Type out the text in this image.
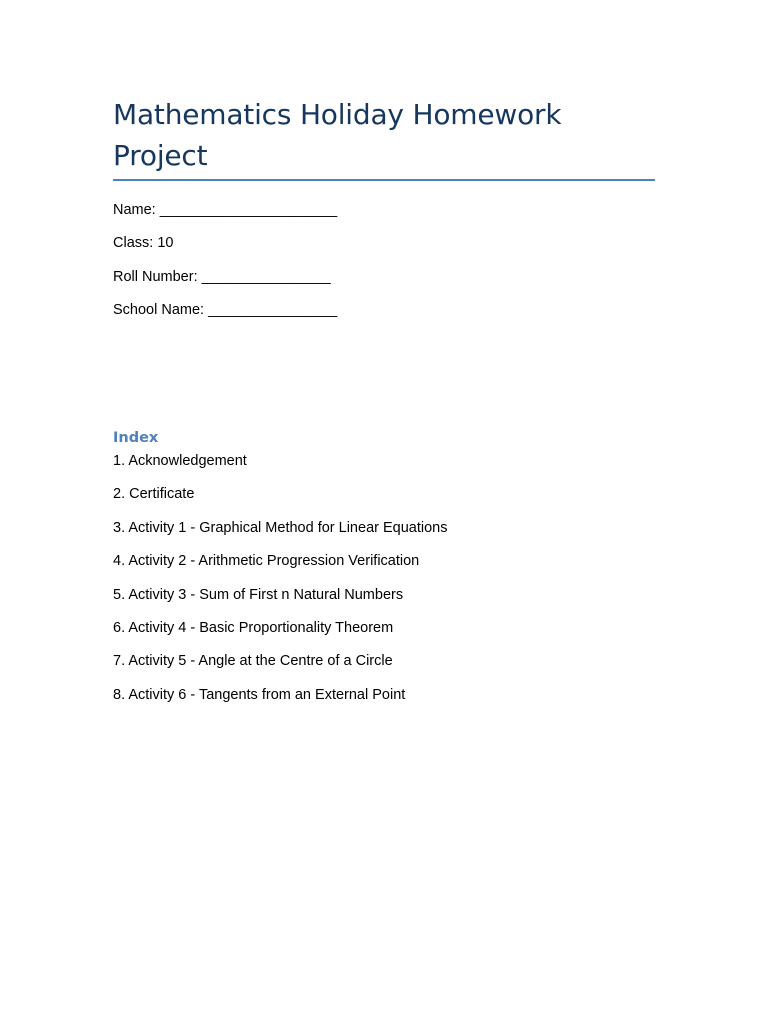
Mathematics Holiday Homework Project

Name: ______________________

Class: 10

Roll Number: ________________

School Name: ________________

Index
1. Acknowledgement
2. Certificate
3. Activity 1 - Graphical Method for Linear Equations
4. Activity 2 - Arithmetic Progression Verification
5. Activity 3 - Sum of First n Natural Numbers
6. Activity 4 - Basic Proportionality Theorem
7. Activity 5 - Angle at the Centre of a Circle
8. Activity 6 - Tangents from an External Point
